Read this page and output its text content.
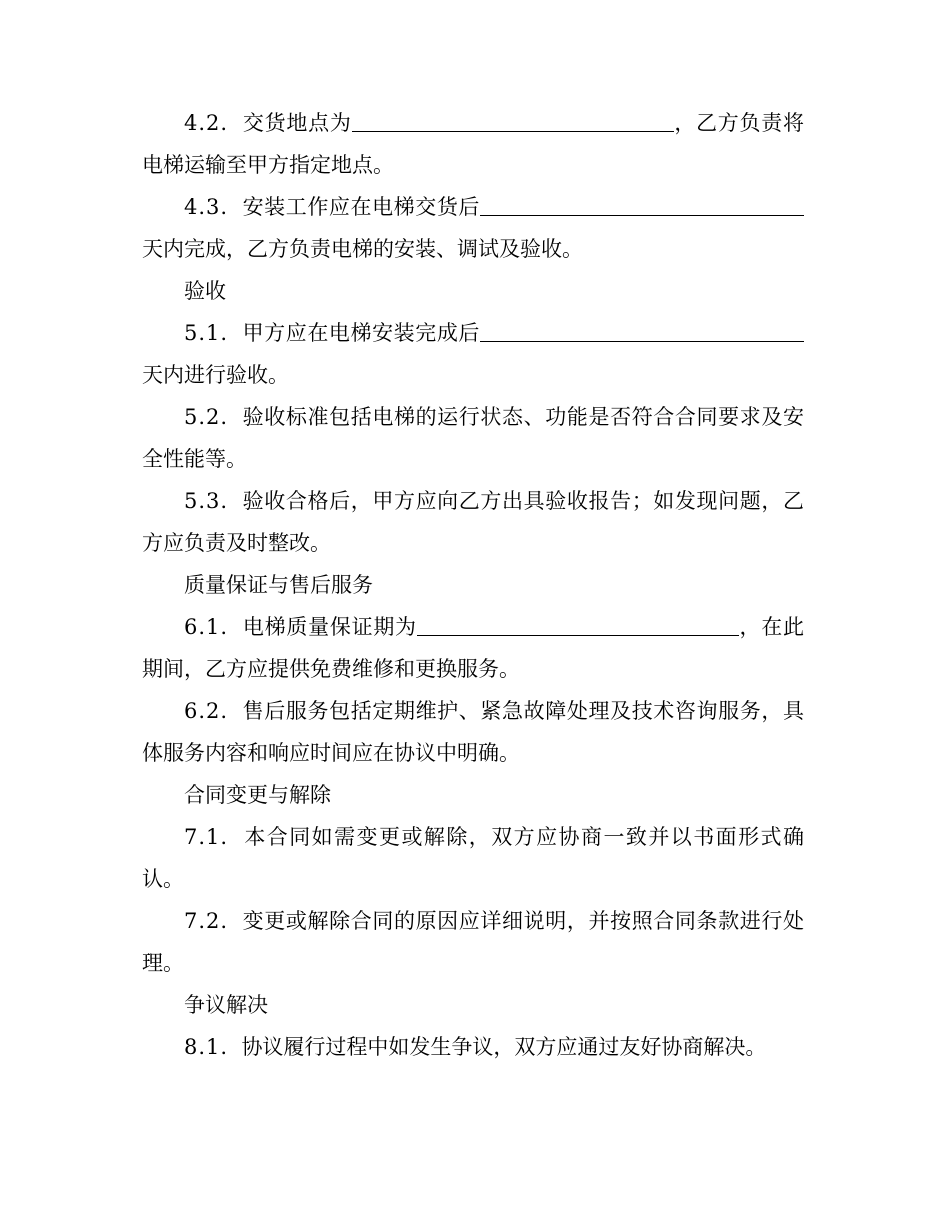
4.2. 交货地点为	，乙方负责将电梯运输至甲方指定地点。

4.3. 安装工作应在电梯交货后天内完成，乙方负责电梯的安装、调试及验收。

验收

5.1. 甲方应在电梯安装完成后天内进行验收。

5.2. 验收标准包括电梯的运行状态、功能是否符合合同要求及安全性能等。

5.3. 验收合格后，甲方应向乙方出具验收报告；如发现问题，乙方应负责及时整改。

质量保证与售后服务

6.1. 电梯质量保证期为	，在此期间，乙方应提供免费维修和更换服务。

6.2. 售后服务包括定期维护、紧急故障处理及技术咨询服务，具体服务内容和响应时间应在协议中明确。

合同变更与解除

7.1. 本合同如需变更或解除，双方应协商一致并以书面形式确认。

7.2. 变更或解除合同的原因应详细说明，并按照合同条款进行处理。

争议解决

8.1. 协议履行过程中如发生争议，双方应通过友好协商解决。
